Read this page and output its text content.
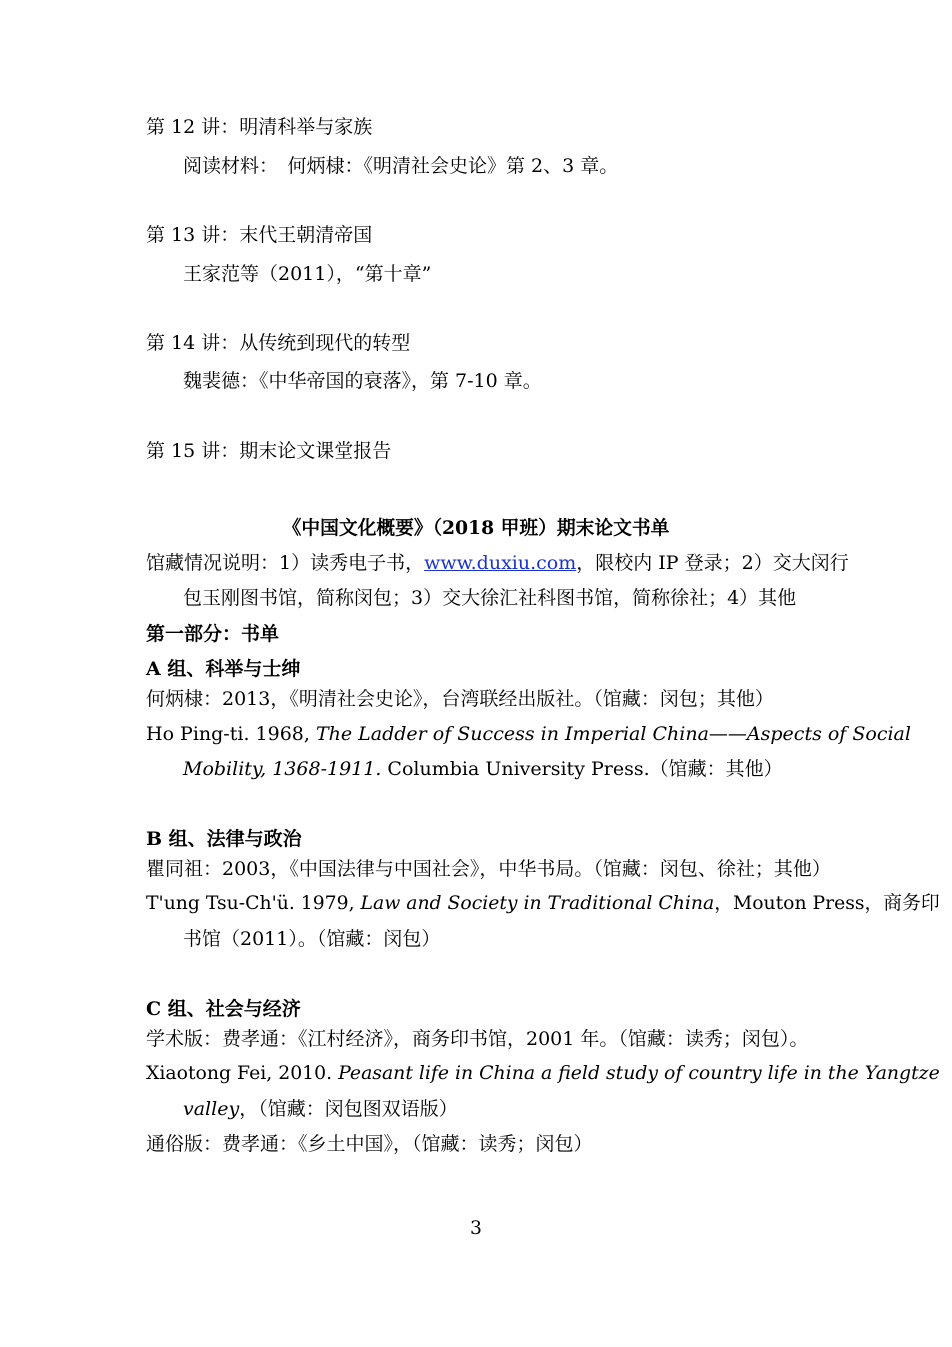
第 12 讲：明清科举与家族
阅读材料：　何炳棣：《明清社会史论》第 2、3 章。
第 13 讲：末代王朝清帝国
王家范等（2011），“第十章”
第 14 讲：从传统到现代的转型
魏裴德：《中华帝国的衰落》，第 7-10 章。
第 15 讲：期末论文课堂报告
《中国文化概要》（2018 甲班）期末论文书单
馆藏情况说明：1）读秀电子书，www.duxiu.com，限校内 IP 登录；2）交大闵行
包玉刚图书馆，简称闵包；3）交大徐汇社科图书馆，简称徐社；4）其他
第一部分：书单
A 组、科举与士绅
何炳棣：2013，《明清社会史论》，台湾联经出版社。（馆藏：闵包；其他）
Ho Ping-ti. 1968, The Ladder of Success in Imperial China——Aspects of Social
Mobility, 1368-1911. Columbia University Press.（馆藏：其他）
B 组、法律与政治
瞿同祖：2003，《中国法律与中国社会》，中华书局。（馆藏：闵包、徐社；其他）
T'ung Tsu-Ch'ü. 1979, Law and Society in Traditional China，Mouton Press，商务印
书馆（2011）。（馆藏：闵包）
C 组、社会与经济
学术版：费孝通：《江村经济》，商务印书馆，2001 年。（馆藏：读秀；闵包）。
Xiaotong Fei, 2010. Peasant life in China a field study of country life in the Yangtze
valley，（馆藏：闵包图双语版）
通俗版：费孝通：《乡土中国》，（馆藏：读秀；闵包）
3
